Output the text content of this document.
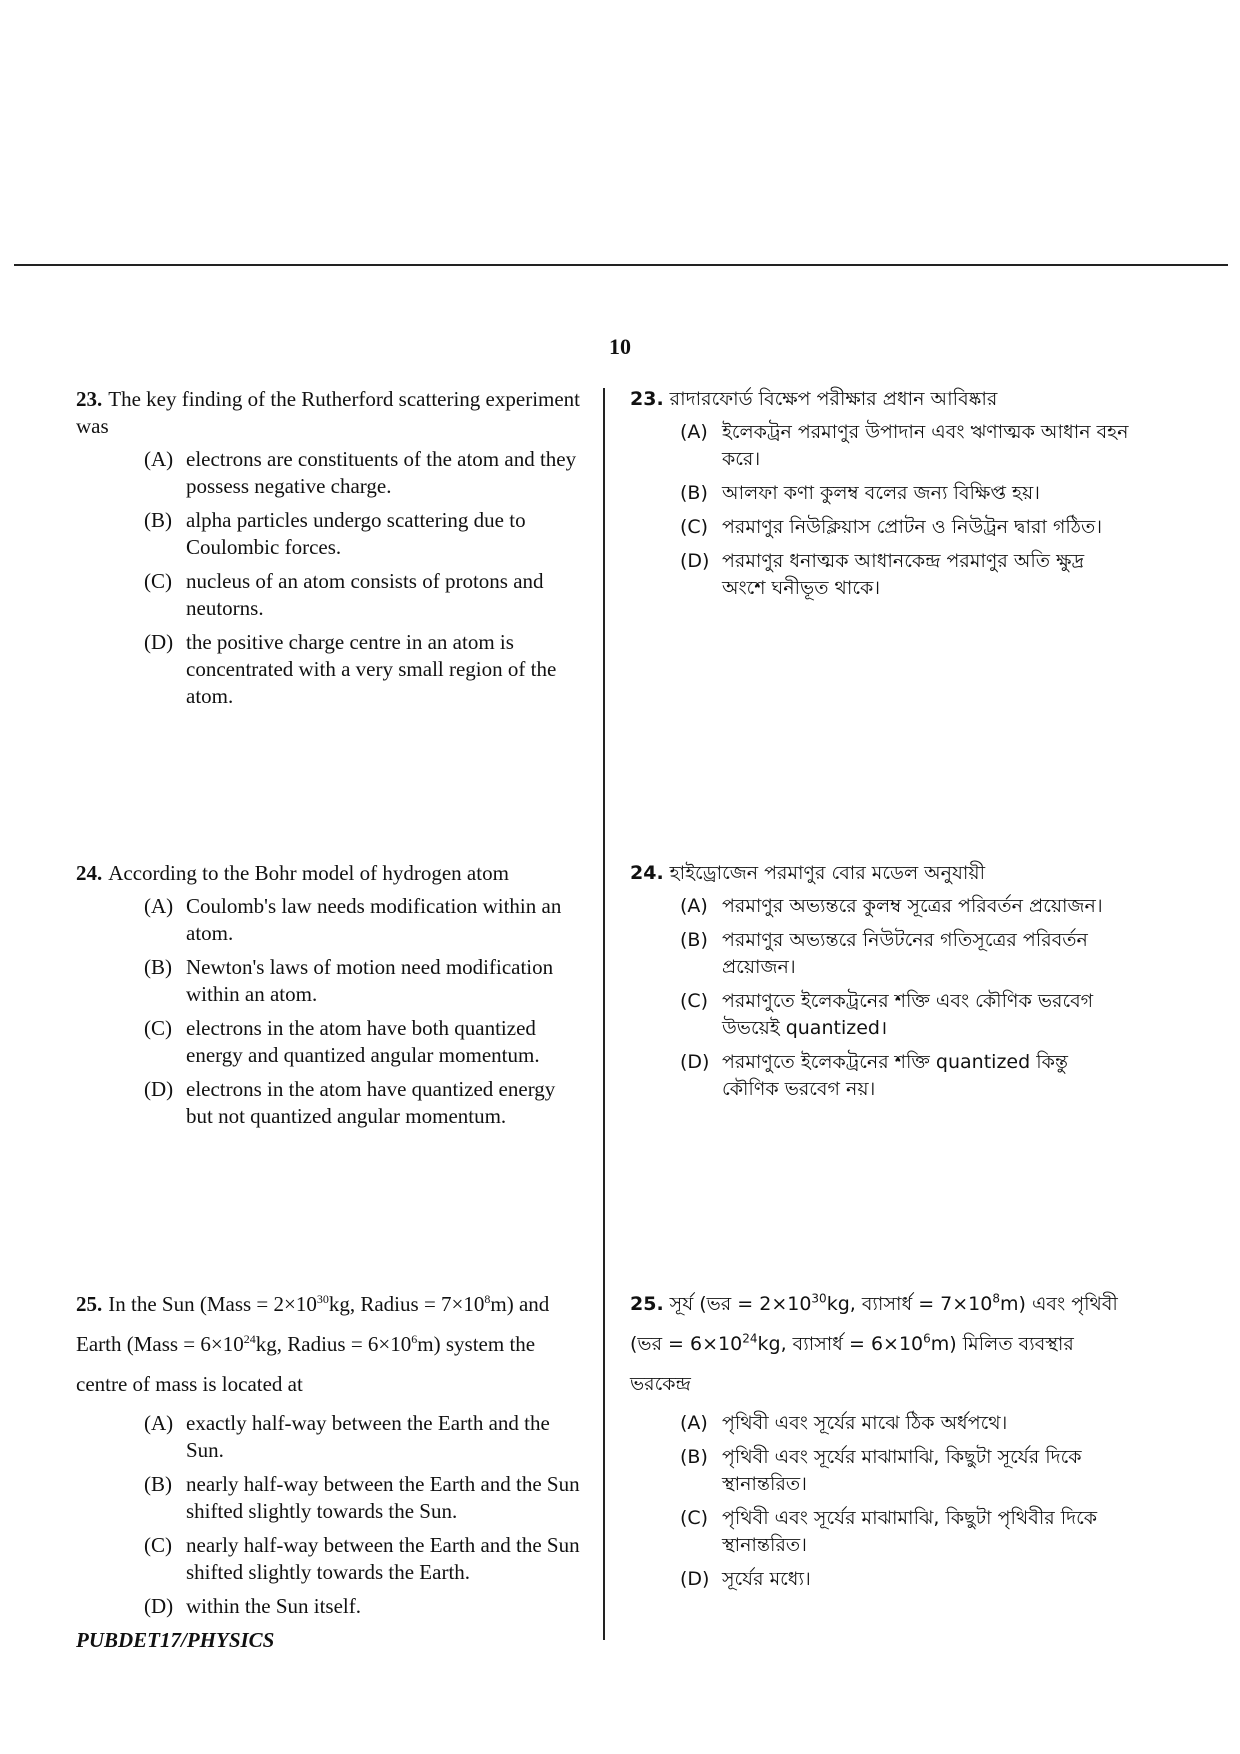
10

23. The key finding of the Rutherford scattering experiment was

(A) electrons are constituents of the atom and they possess negative charge.
(B) alpha particles undergo scattering due to Coulombic forces.
(C) nucleus of an atom consists of protons and neutorns.
(D) the positive charge centre in an atom is concentrated with a very small region of the atom.

24. According to the Bohr model of hydrogen atom

(A) Coulomb's law needs modification within an atom.
(B) Newton's laws of motion need modification within an atom.
(C) electrons in the atom have both quantized energy and quantized angular momentum.
(D) electrons in the atom have quantized energy but not quantized angular momentum.

25. In the Sun (Mass = $2\times 10^{30}kg$, Radius = $7\times 10^8m$) and Earth (Mass = $6\times 10^{24}kg$, Radius = $6\times 10^6m$) system the centre of mass is located at

(A) exactly half-way between the Earth and the Sun.
(B) nearly half-way between the Earth and the Sun shifted slightly towards the Sun.
(C) nearly half-way between the Earth and the Sun shifted slightly towards the Earth.
(D) within the Sun itself.

23. রাদারফোর্ড বিক্ষেপ পরীক্ষার প্রধান আবিষ্কার

(A) ইলেকট্রন পরমাণুর উপাদান এবং ঋণাত্মক আধান বহন করে।
(B) আলফা কণা কুলম্ব বলের জন্য বিক্ষিপ্ত হয়।
(C) পরমাণুর নিউক্লিয়াস প্রোটন ও নিউট্রন দ্বারা গঠিত।
(D) পরমাণুর ধনাত্মক আধানকেন্দ্র পরমাণুর অতি ক্ষুদ্র অংশে ঘনীভূত থাকে।

24. হাইড্রোজেন পরমাণুর বোর মডেল অনুযায়ী

(A) পরমাণুর অভ্যন্তরে কুলম্ব সূত্রের পরিবর্তন প্রয়োজন।
(B) পরমাণুর অভ্যন্তরে নিউটনের গতিসূত্রের পরিবর্তন প্রয়োজন।
(C) পরমাণুতে ইলেকট্রনের শক্তি এবং কৌণিক ভরবেগ উভয়েই quantized।
(D) পরমাণুতে ইলেকট্রনের শক্তি quantized কিন্তু কৌণিক ভরবেগ নয়।

25. সূর্য (ভর = $2\times 10^{30}kg$, ব্যাসার্ধ = $7\times 10^8m$) এবং পৃথিবী (ভর = $6\times 10^{24}kg$, ব্যাসার্ধ = $6\times 10^6m$) মিলিত ব্যবস্থার ভরকেন্দ্র

(A) পৃথিবী এবং সূর্যের মাঝে ঠিক অর্ধপথে।
(B) পৃথিবী এবং সূর্যের মাঝামাঝি, কিছুটা সূর্যের দিকে স্থানান্তরিত।
(C) পৃথিবী এবং সূর্যের মাঝামাঝি, কিছুটা পৃথিবীর দিকে স্থানান্তরিত।
(D) সূর্যের মধ্যে।
PUBDET17/PHYSICS
